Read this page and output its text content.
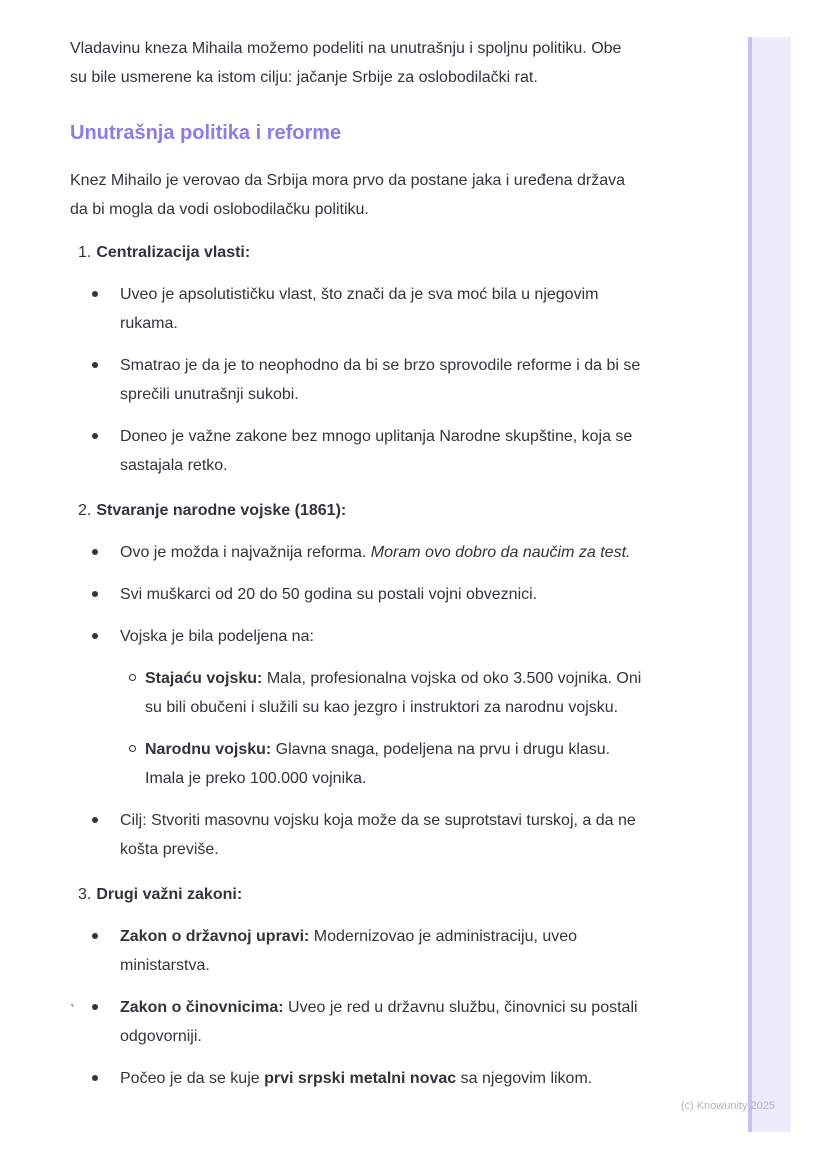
Vladavinu kneza Mihaila možemo podeliti na unutrašnju i spoljnu politiku. Obe su bile usmerene ka istom cilju: jačanje Srbije za oslobodilački rat.

Unutrašnja politika i reforme

Knez Mihailo je verovao da Srbija mora prvo da postane jaka i uređena država da bi mogla da vodi oslobodilačku politiku.

1. Centralizacija vlasti:
Uveo je apsolutističku vlast, što znači da je sva moć bila u njegovim rukama.
Smatrao je da je to neophodno da bi se brzo sprovodile reforme i da bi se sprečili unutrašnji sukobi.
Doneo je važne zakone bez mnogo uplitanja Narodne skupštine, koja se sastajala retko.
2. Stvaranje narodne vojske (1861):
Ovo je možda i najvažnija reforma. Moram ovo dobro da naučim za test.
Svi muškarci od 20 do 50 godina su postali vojni obveznici.
Vojska je bila podeljena na:
Stajaću vojsku: Mala, profesionalna vojska od oko 3.500 vojnika. Oni su bili obučeni i služili su kao jezgro i instruktori za narodnu vojsku.
Narodnu vojsku: Glavna snaga, podeljena na prvu i drugu klasu. Imala je preko 100.000 vojnika.
Cilj: Stvoriti masovnu vojsku koja može da se suprotstavi turskoj, a da ne košta previše.
3. Drugi važni zakoni:
Zakon o državnoj upravi: Modernizovao je administraciju, uveo ministarstva.
Zakon o činovnicima: Uveo je red u državnu službu, činovnici su postali odgovorniji.
Počeo je da se kuje prvi srpski metalni novac sa njegovim likom.
`
(c) Knowunity 2025
